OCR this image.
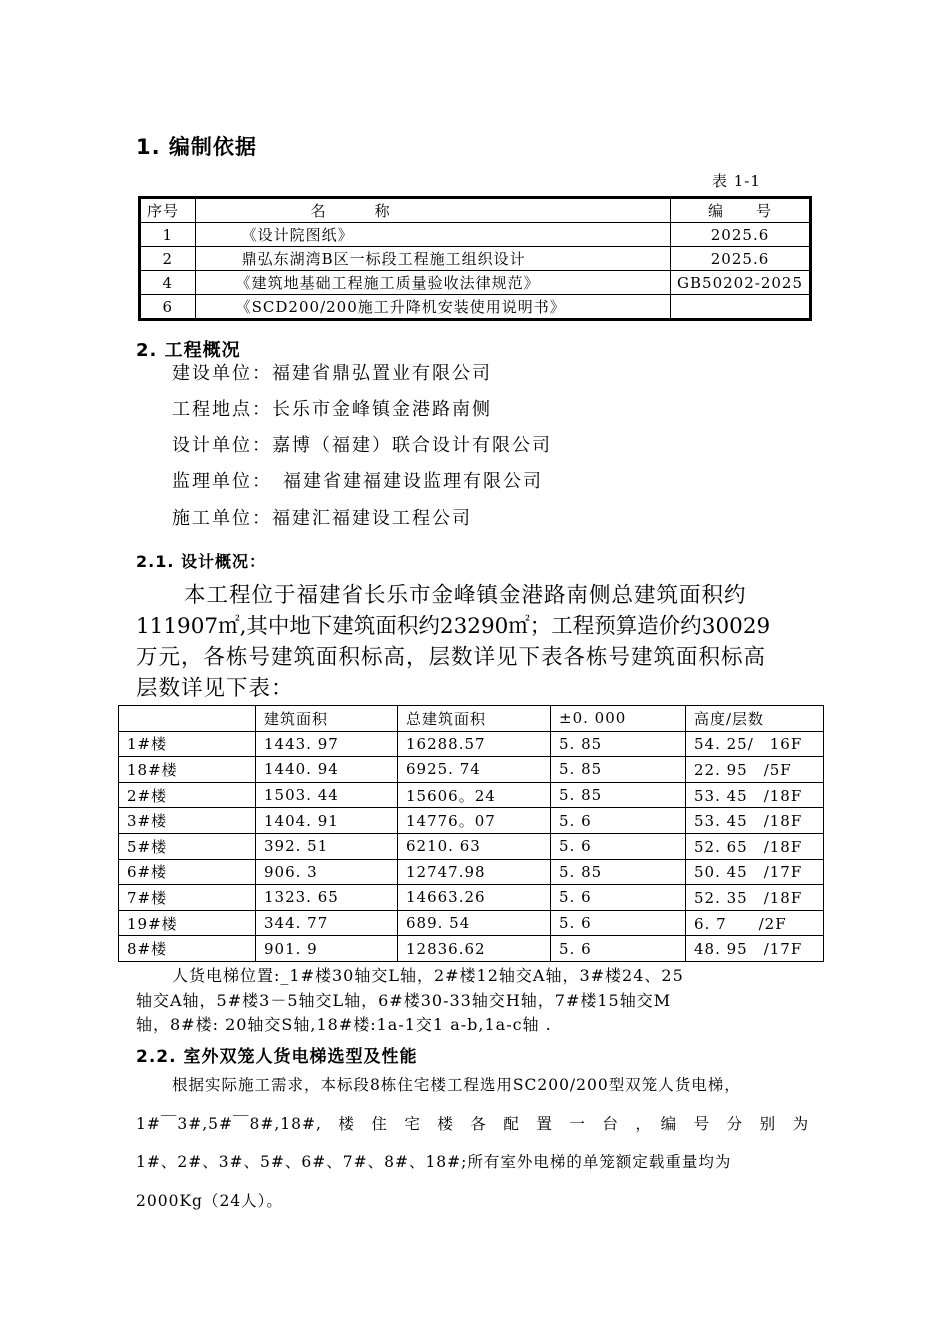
1. 编制依据
表 1-1
序号	名　　　称	编　　号
1	《设计院图纸》	2025.6
2	鼎弘东湖湾B区一标段工程施工组织设计	2025.6
4	《建筑地基础工程施工质量验收法律规范》	GB50202-2025
6	《SCD200/200施工升降机安装使用说明书》	
2. 工程概况
建设单位：福建省鼎弘置业有限公司
工程地点：长乐市金峰镇金港路南侧
设计单位：嘉博（福建）联合设计有限公司
监理单位：　福建省建福建设监理有限公司
施工单位：福建汇福建设工程公司
2.1. 设计概况：
本工程位于福建省长乐市金峰镇金港路南侧总建筑面积约
111907㎡,其中地下建筑面积约23290㎡；工程预算造价约30029
万元，各栋号建筑面积标高，层数详见下表各栋号建筑面积标高
层数详见下表：
	建筑面积	总建筑面积	±0. 000	高度/层数
1#楼	1443. 97	16288.57	5. 85	54. 25/　16F
18#楼	1440. 94	6925. 74	5. 85	22. 95　/5F
2#楼	1503. 44	15606。24	5. 85	53. 45　/18F
3#楼	1404. 91	14776。07	5. 6	53. 45　/18F
5#楼	392. 51	6210. 63	5. 6	52. 65　/18F
6#楼	906. 3	12747.98	5. 85	50. 45　/17F
7#楼	1323. 65	14663.26	5. 6	52. 35　/18F
19#楼	344. 77	689. 54	5. 6	6. 7　　/2F
8#楼	901. 9	12836.62	5. 6	48. 95　/17F
人货电梯位置:_1#楼30轴交L轴，2#楼12轴交A轴，3#楼24、25
轴交A轴，5#楼3－5轴交L轴，6#楼30-33轴交H轴，7#楼15轴交M
轴，8#楼: 20轴交S轴,18#楼:1a-1交1 a-b,1a-c轴 .
2.2. 室外双笼人货电梯选型及性能
根据实际施工需求，本标段8栋住宅楼工程选用SC200/200型双笼人货电梯，
1#￣3#,5#￣8#,18#,　楼　住　宅　楼　各　配　置　一　台　，　编　号　分　别　为
1#、2#、3#、5#、6#、7#、8#、18#;所有室外电梯的单笼额定载重量均为
2000Kg（24人）。
